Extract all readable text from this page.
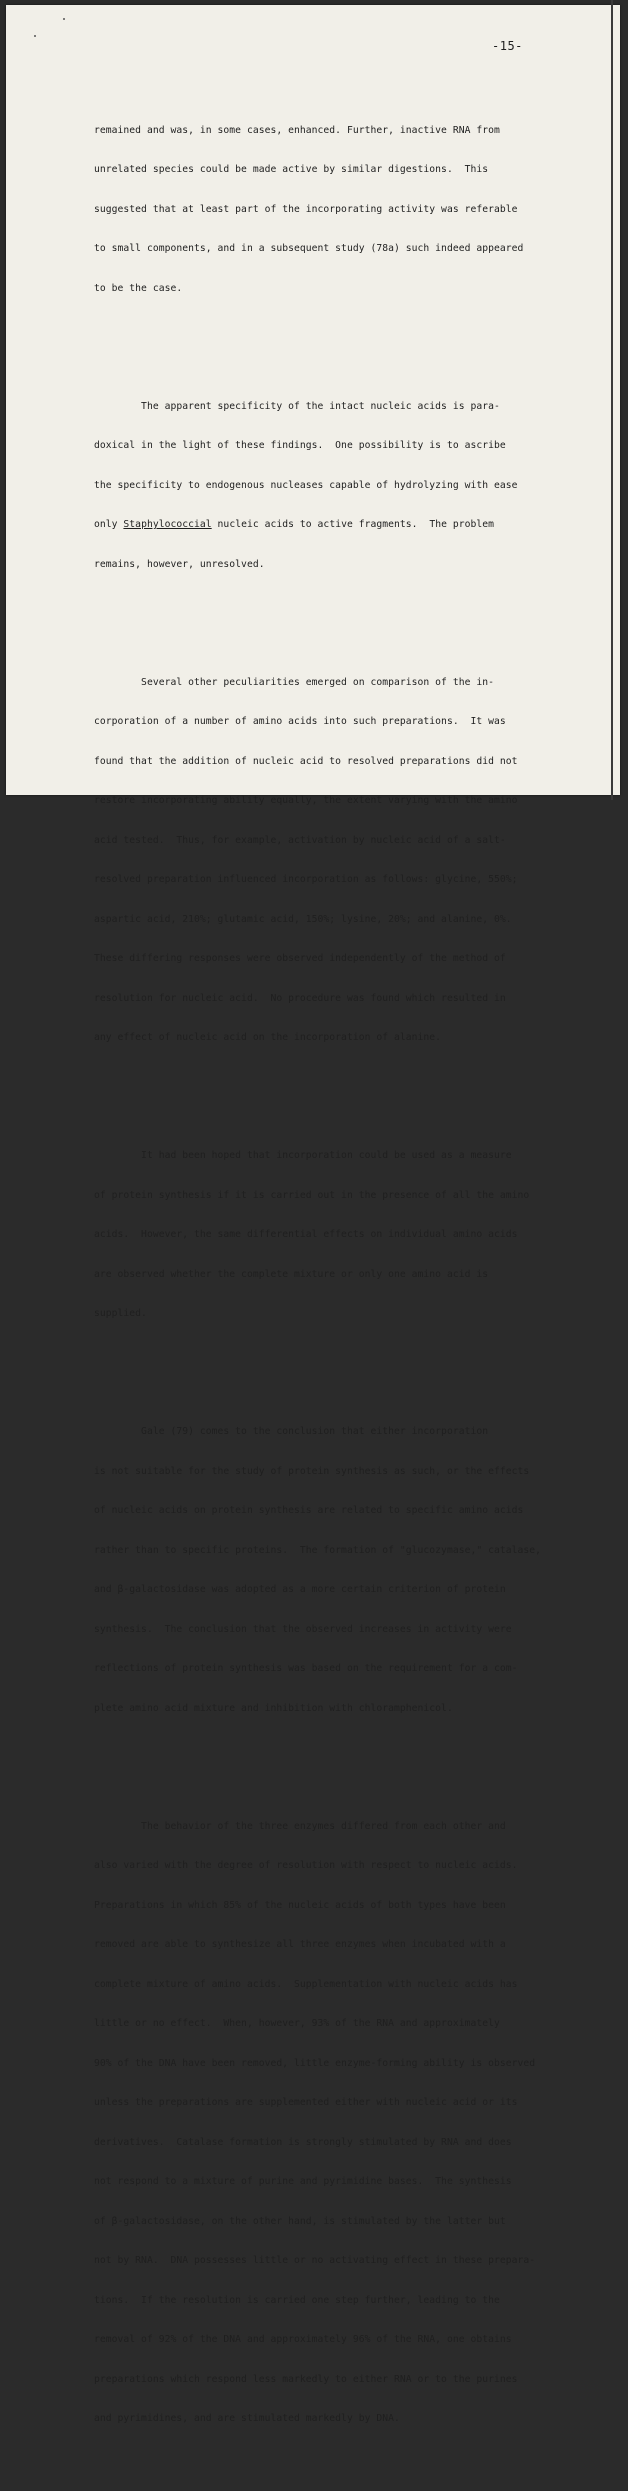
-15-

remained and was, in some cases, enhanced. Further, inactive RNA from

unrelated species could be made active by similar digestions.  This

suggested that at least part of the incorporating activity was referable

to small components, and in a subsequent study (78a) such indeed appeared

to be the case.

The apparent specificity of the intact nucleic acids is para-

doxical in the light of these findings.  One possibility is to ascribe

the specificity to endogenous nucleases capable of hydrolyzing with ease

only Staphylococcial nucleic acids to active fragments.  The problem

remains, however, unresolved.

Several other peculiarities emerged on comparison of the in-

corporation of a number of amino acids into such preparations.  It was

found that the addition of nucleic acid to resolved preparations did not

restore incorporating ability equally, the extent varying with the amino

acid tested.  Thus, for example, activation by nucleic acid of a salt-

resolved preparation influenced incorporation as follows: glycine, 550%;

aspartic acid, 210%; glutamic acid, 150%; lysine, 20%; and alanine, 0%.

These differing responses were observed independently of the method of

resolution for nucleic acid.  No procedure was found which resulted in

any effect of nucleic acid on the incorporation of alanine.

It had been hoped that incorporation could be used as a measure

of protein synthesis if it is carried out in the presence of all the amino

acids.  However, the same differential effects on individual amino acids

are observed whether the complete mixture or only one amino acid is

supplied.

Gale (79) comes to the conclusion that either incorporation

is not suitable for the study of protein synthesis as such, or the effects

of nucleic acids on protein synthesis are related to specific amino acids

rather than to specific proteins.  The formation of "glucozymase," catalase,

and β-galactosidase was adopted as a more certain criterion of protein

synthesis.  The conclusion that the observed increases in activity were

reflections of protein synthesis was based on the requirement for a com-

plete amino acid mixture and inhibition with chloramphenicol.

The behavior of the three enzymes differed from each other and

also varied with the degree of resolution with respect to nucleic acids.

Preparations in which 85% of the nucleic acids of both types have been

removed are able to synthesize all three enzymes when incubated with a

complete mixture of amino acids.  Supplementation with nucleic acids has

little or no effect.  When, however, 93% of the RNA and approximately

90% of the DNA have been removed, little enzyme-forming ability is observed

unless the preparations are supplemented either with nucleic acid or its

derivatives.  Catalase formation is strongly stimulated by RNA and does

not respond to a mixture of purine and pyrimidine bases.  The synthesis

of β-galactosidase, on the other hand, is stimulated by the latter but

not by RNA.  DNA possesses little or no activating effect in these prepara-

tions.  If the resolution is carried one step further, leading to the

removal of 92% of the DNA and approximately 96% of the RNA, one obtains

preparations which respond less markedly to either RNA or to the purines

and pyrimidines, and are stimulated markedly by DNA.
